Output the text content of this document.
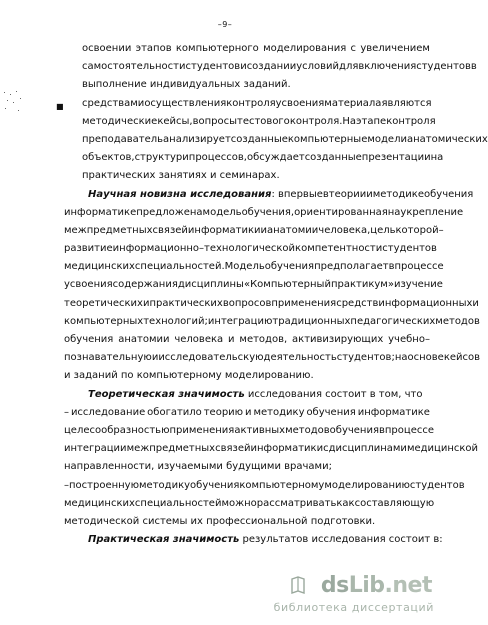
–9–
■
освоении этапов компьютерного моделирования с увеличением
самостоятельности студентов и создании условий для включения студентов в
выполнение индивидуальных заданий.
средствами осуществления контроля усвоения материала являются
методические кейсы, вопросы тестового контроля. На этапе контроля
преподаватель анализирует созданные компьютерные модели анатомических
объектов, структур и процессов, обсуждает созданные презентации на
практических занятиях и семинарах.
Научная новизна исследования : впервые в теории и методике обучения
информатике предложена модель обучения, ориентированная на укрепление
межпредметных связей информатики и анатомии человека, цель которой –
развитие информационно–технологической компетентности студентов
медицинских специальностей. Модель обучения предполагает в процессе
усвоения содержания дисциплины «Компьютерный практикум» изучение
теоретических и практических вопросов применения средств информационных и
компьютерных технологий; интеграцию традиционных педагогических методов
обучения анатомии человека и методов, активизирующих учебно–
познавательную и исследовательскую деятельность студентов; на основе кейсов
и заданий по компьютерному моделированию.
Теоретическая значимость исследования состоит в том, что
– исследование обогатило теорию и методику обучения информатике
целесообразностью применения активных методов обучения в процессе
интеграции межпредметных связей информатики с дисциплинами медицинской
направленности, изучаемыми будущими врачами;
– построенную методику обучения компьютерному моделированию студентов
медицинских специальностей можно рассматривать как составляющую
методической системы их профессиональной подготовки.
Практическая значимость результатов исследования состоит в:
dsLib.net
библиотека диссертаций
